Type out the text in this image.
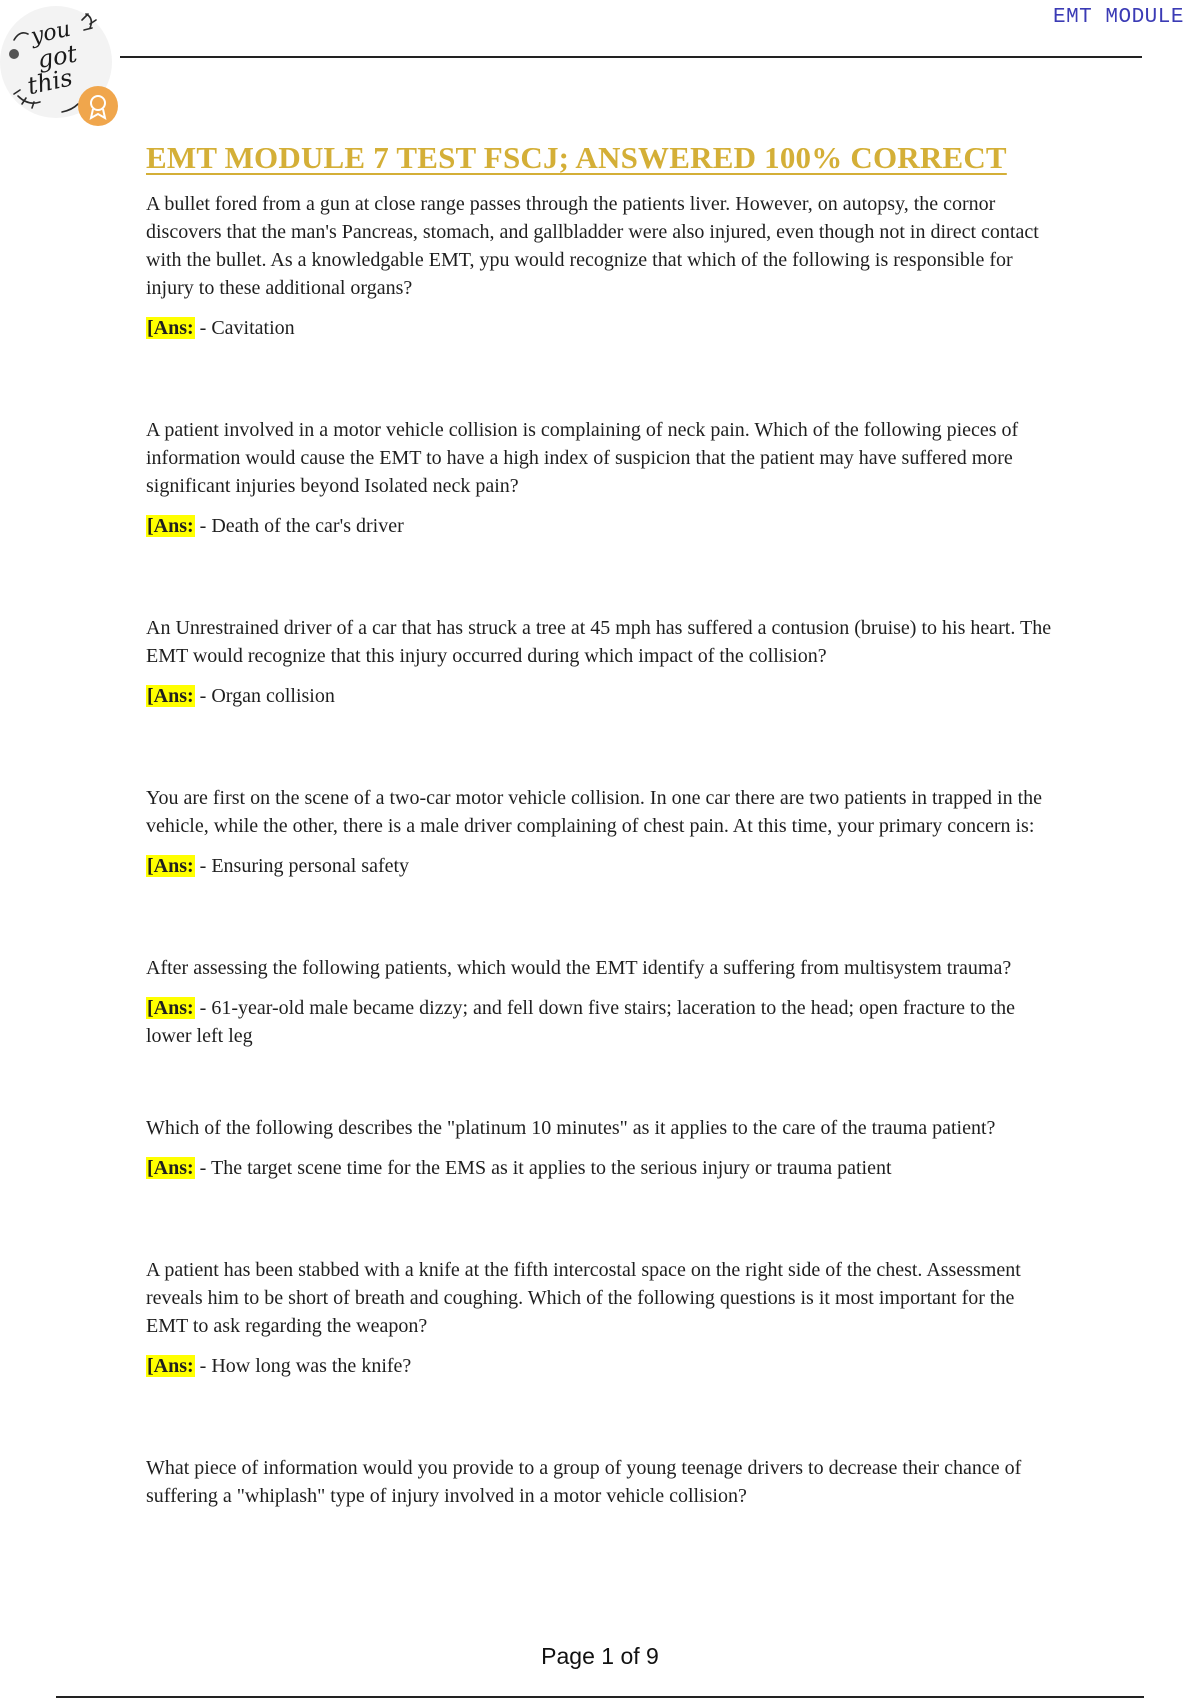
you
got
this
EMT MODULE
EMT MODULE 7 TEST FSCJ; ANSWERED 100% CORRECT

A bullet fored from a gun at close range passes through the patients liver. However, on autopsy, the cornor discovers that the man's Pancreas, stomach, and gallbladder were also injured, even though not in direct contact with the bullet. As a knowledgable EMT, ypu would recognize that which of the following is responsible for injury to these additional organs?

[Ans: - Cavitation

A patient involved in a motor vehicle collision is complaining of neck pain. Which of the following pieces of information would cause the EMT to have a high index of suspicion that the patient may have suffered more significant injuries beyond Isolated neck pain?

[Ans: - Death of the car's driver

An Unrestrained driver of a car that has struck a tree at 45 mph has suffered a contusion (bruise) to his heart. The EMT would recognize that this injury occurred during which impact of the collision?

[Ans: - Organ collision

You are first on the scene of a two-car motor vehicle collision. In one car there are two patients in trapped in the vehicle, while the other, there is a male driver complaining of chest pain. At this time, your primary concern is:

[Ans: - Ensuring personal safety

After assessing the following patients, which would the EMT identify a suffering from multisystem trauma?

[Ans: - 61-year-old male became dizzy; and fell down five stairs; laceration to the head; open fracture to the lower left leg

Which of the following describes the "platinum 10 minutes" as it applies to the care of the trauma patient?

[Ans: - The target scene time for the EMS as it applies to the serious injury or trauma patient

A patient has been stabbed with a knife at the fifth intercostal space on the right side of the chest. Assessment reveals him to be short of breath and coughing. Which of the following questions is it most important for the EMT to ask regarding the weapon?

[Ans: - How long was the knife?

What piece of information would you provide to a group of young teenage drivers to decrease their chance of suffering a "whiplash" type of injury involved in a motor vehicle collision?

Page 1 of 9
